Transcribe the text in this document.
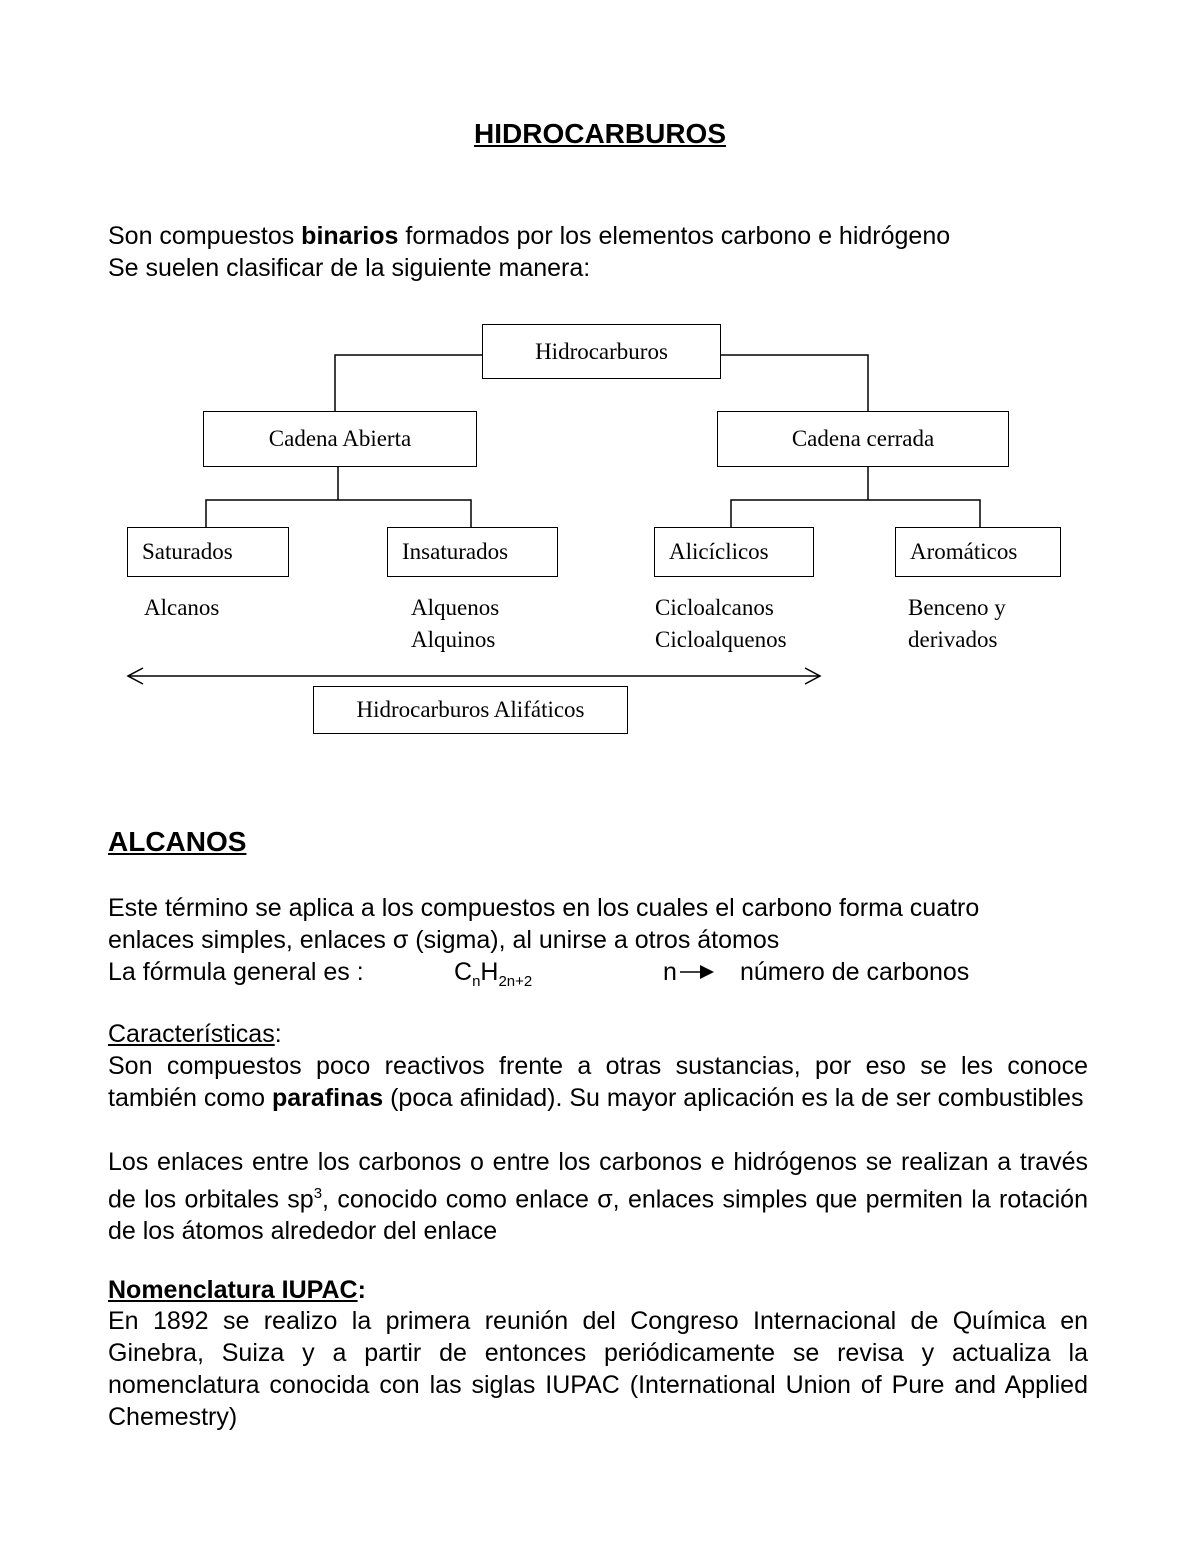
HIDROCARBUROS
Son compuestos binarios formados por los elementos carbono e hidrógeno
Se suelen clasificar de la siguiente manera:
Hidrocarburos
Cadena Abierta	Cadena cerrada
Saturados	Insaturados	Alicíclicos	Aromáticos
Alcanos	Alquenos
Alquinos
Cicloalcanos
Cicloalquenos
Benceno y
derivados
Hidrocarburos Alifáticos
ALCANOS
Este término se aplica a los compuestos en los cuales el carbono forma cuatro
enlaces simples, enlaces σ (sigma), al unirse a otros átomos
La fórmula general es :	$C_nH_{2n+2}$	n	número de carbonos
Características:
Son compuestos poco reactivos frente a otras sustancias, por eso se les conoce también como parafinas (poca afinidad). Su mayor aplicación es la de ser combustibles
Los enlaces entre los carbonos o entre los carbonos e hidrógenos se realizan a través de los orbitales $sp^3$, conocido como enlace σ, enlaces simples que permiten la rotación de los átomos alrededor del enlace
Nomenclatura IUPAC:
En 1892 se realizo la primera reunión del Congreso Internacional de Química en Ginebra, Suiza y a partir de entonces periódicamente se revisa y actualiza la nomenclatura conocida con las siglas IUPAC (International Union of Pure and Applied Chemestry)
